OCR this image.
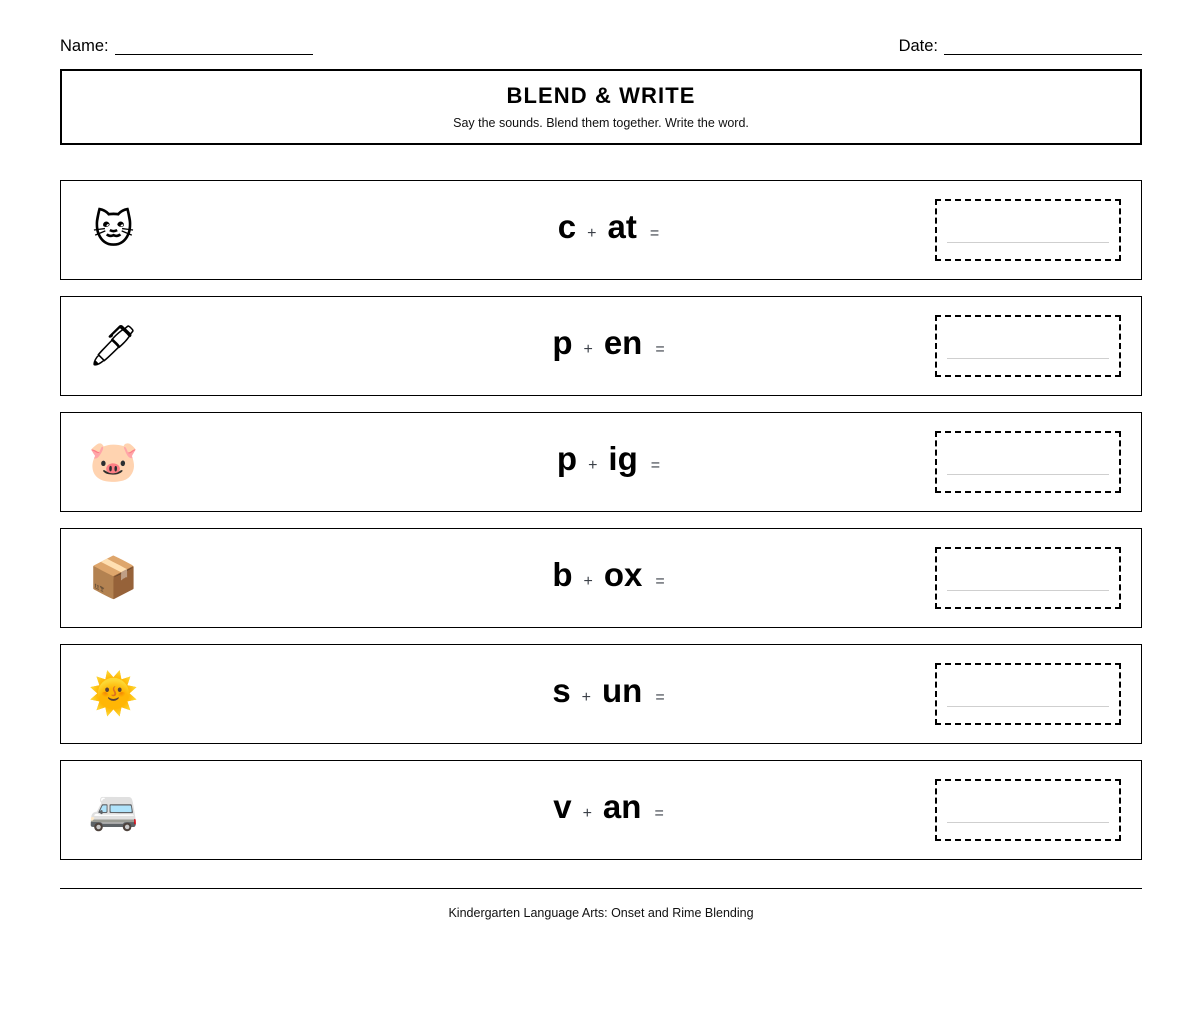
Name:	Date:
BLEND & WRITE
Say the sounds. Blend them together. Write the word.
🐱	c + at =
🖊	p + en =
🐷	p + ig =
📦	b + ox =
🌞	s + un =
🚐	v + an =
Kindergarten Language Arts: Onset and Rime Blending
